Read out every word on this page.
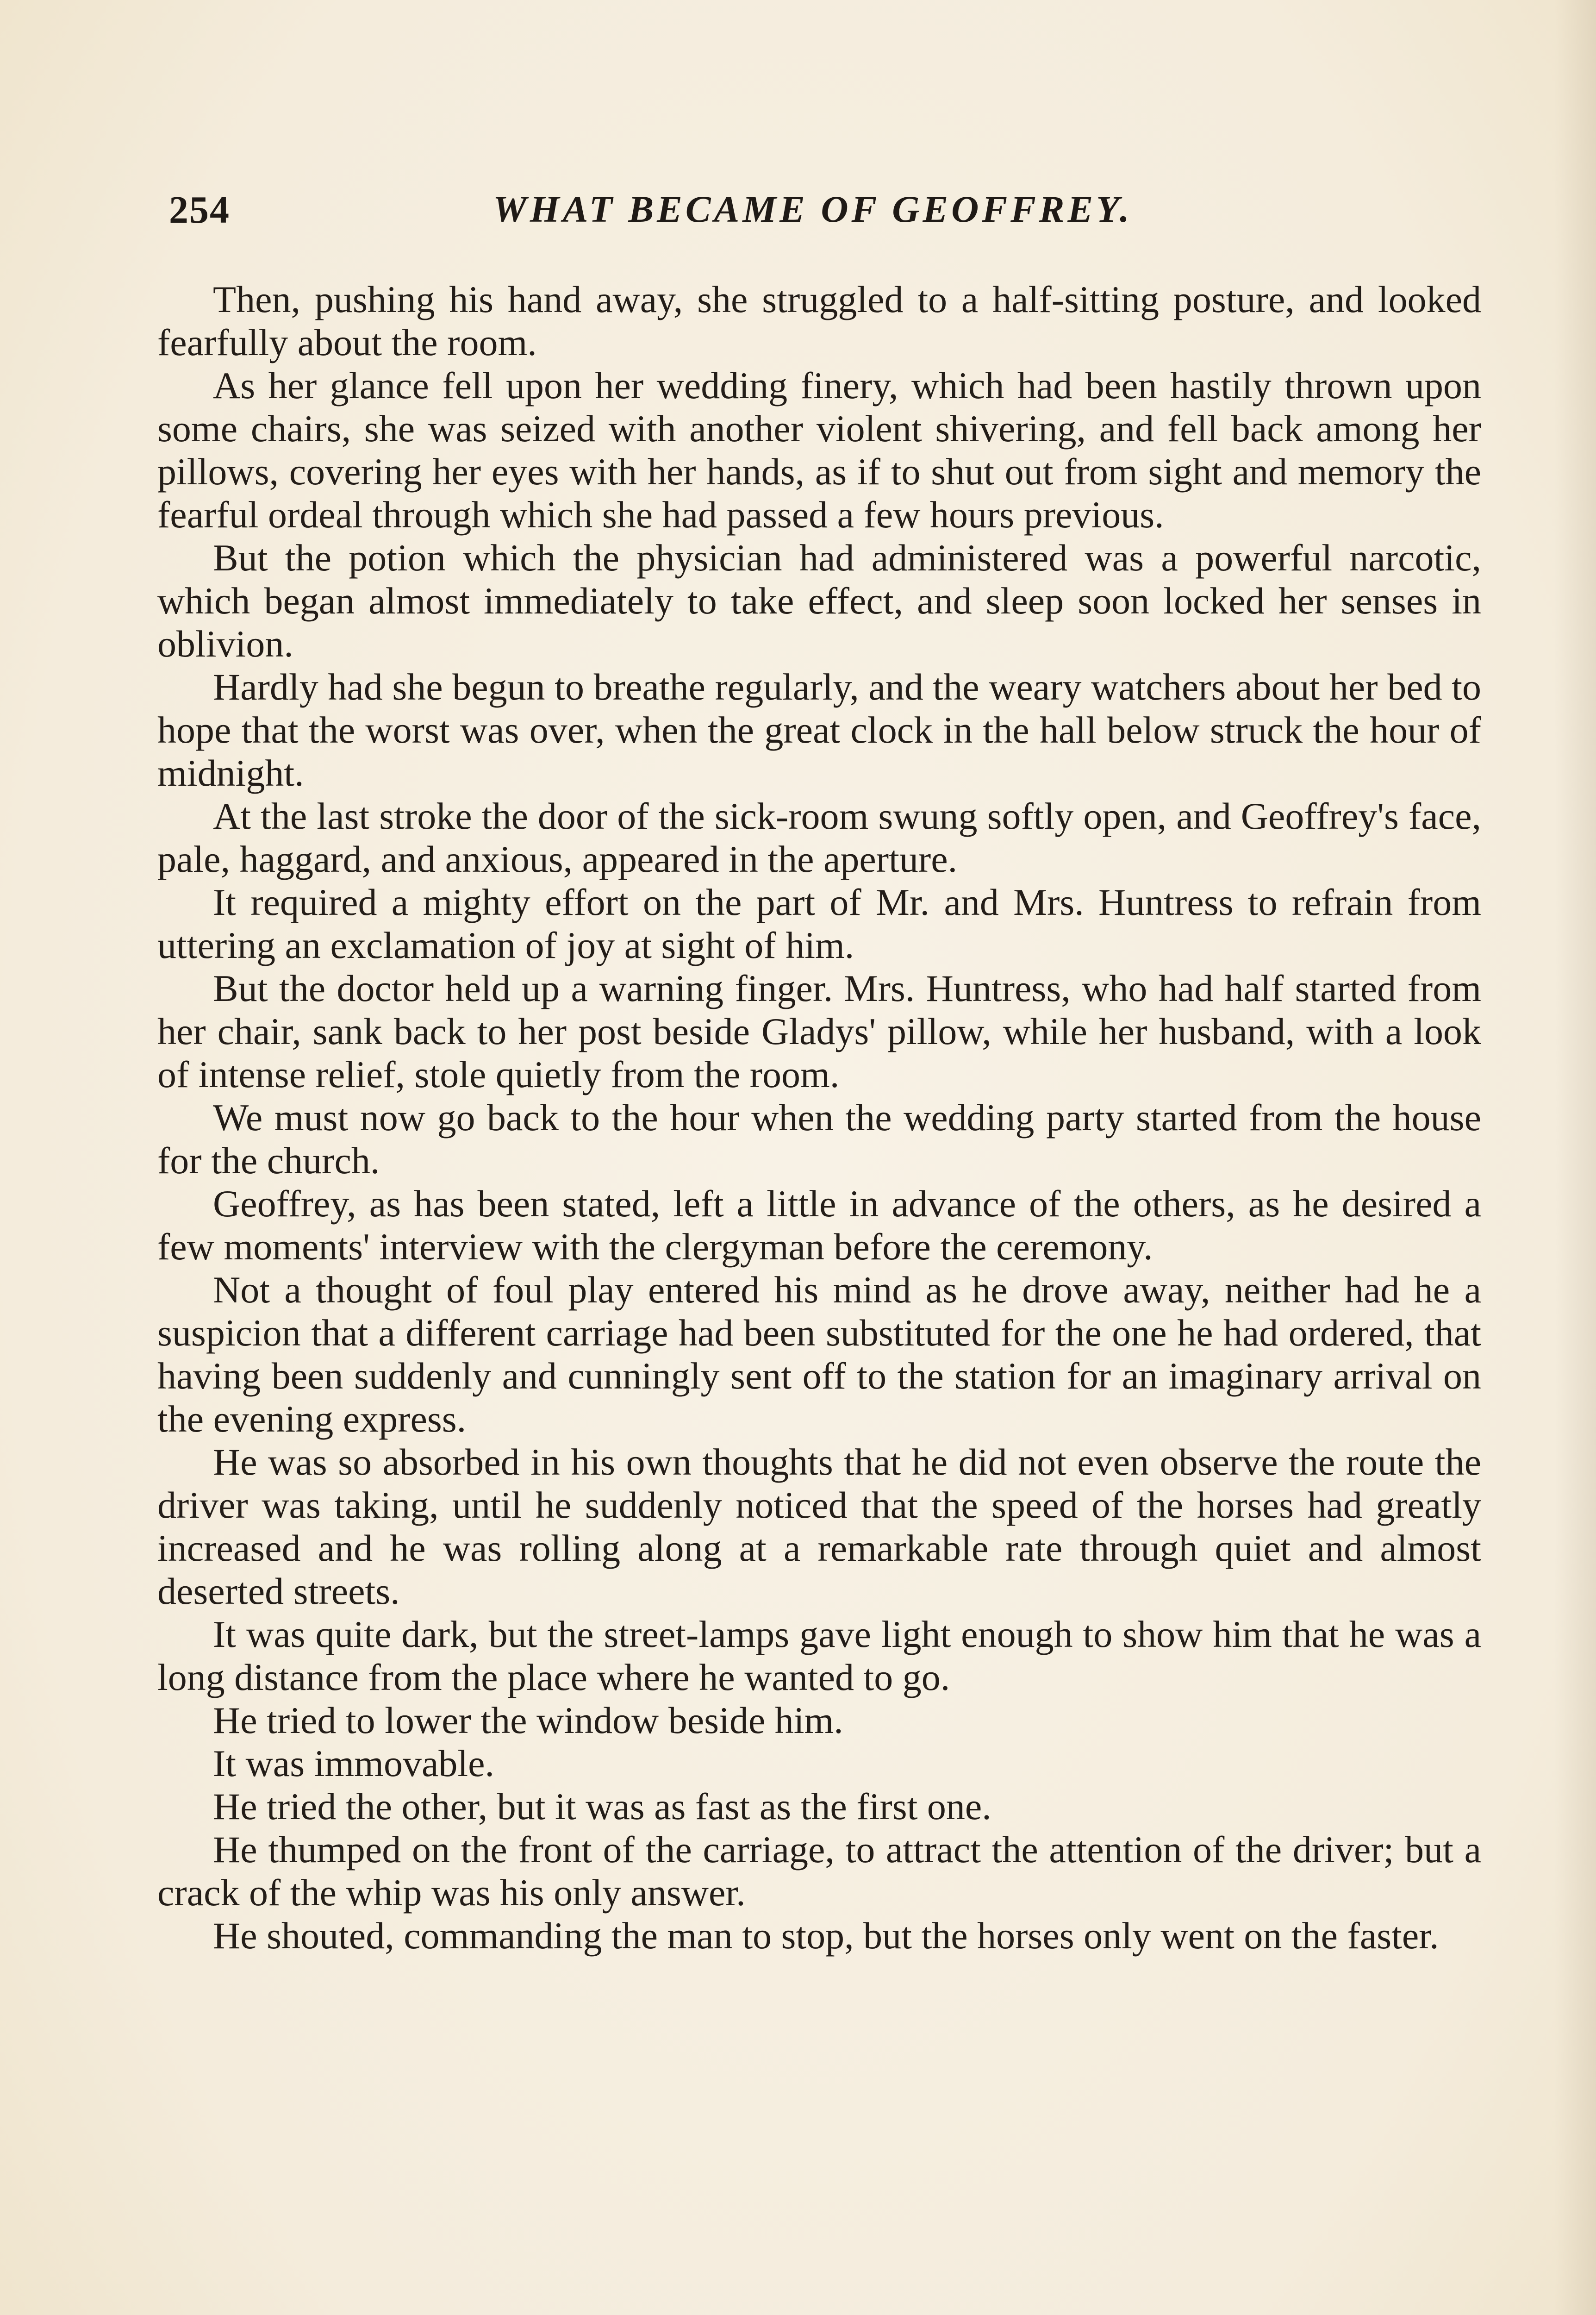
254	WHAT BECAME OF GEOFFREY.

Then, pushing his hand away, she struggled to a half-sitting posture, and looked fearfully about the room.

As her glance fell upon her wedding finery, which had been hastily thrown upon some chairs, she was seized with another violent shivering, and fell back among her pillows, covering her eyes with her hands, as if to shut out from sight and memory the fearful ordeal through which she had passed a few hours previous.

But the potion which the physician had administered was a powerful narcotic, which began almost immediately to take effect, and sleep soon locked her senses in oblivion.

Hardly had she begun to breathe regularly, and the weary watchers about her bed to hope that the worst was over, when the great clock in the hall below struck the hour of midnight.

At the last stroke the door of the sick-room swung softly open, and Geoffrey's face, pale, haggard, and anxious, appeared in the aperture.

It required a mighty effort on the part of Mr. and Mrs. Huntress to refrain from uttering an exclamation of joy at sight of him.

But the doctor held up a warning finger. Mrs. Huntress, who had half started from her chair, sank back to her post beside Gladys' pillow, while her husband, with a look of intense relief, stole quietly from the room.

We must now go back to the hour when the wedding party started from the house for the church.

Geoffrey, as has been stated, left a little in advance of the others, as he desired a few moments' interview with the clergyman before the ceremony.

Not a thought of foul play entered his mind as he drove away, neither had he a suspicion that a different carriage had been substituted for the one he had ordered, that having been suddenly and cunningly sent off to the station for an imaginary arrival on the evening express.

He was so absorbed in his own thoughts that he did not even observe the route the driver was taking, until he suddenly noticed that the speed of the horses had greatly increased and he was rolling along at a remarkable rate through quiet and almost deserted streets.

It was quite dark, but the street-lamps gave light enough to show him that he was a long distance from the place where he wanted to go.

He tried to lower the window beside him.

It was immovable.

He tried the other, but it was as fast as the first one.

He thumped on the front of the carriage, to attract the attention of the driver; but a crack of the whip was his only answer.

He shouted, commanding the man to stop, but the horses only went on the faster.
